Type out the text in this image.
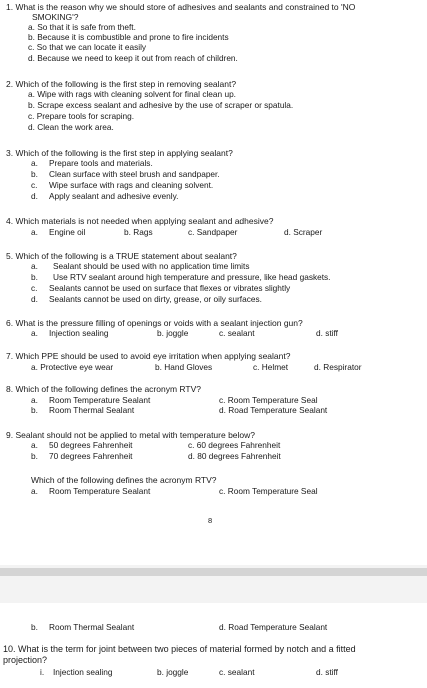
1. What is the reason why we should store of adhesives and sealants and constrained to 'NO
SMOKING'?
a. So that it is safe from theft.
b. Because it is combustible and prone to fire incidents
c. So that we can locate it easily
d. Because we need to keep it out from reach of children.
2. Which of the following is the first step in removing sealant?
a. Wipe with rags with cleaning solvent for final clean up.
b. Scrape excess sealant and adhesive by the use of scraper or spatula.
c. Prepare tools for scraping.
d. Clean the work area.
3. Which of the following is the first step in applying sealant?
a. Prepare tools and materials.
b. Clean surface with steel brush and sandpaper.
c. Wipe surface with rags and cleaning solvent.
d. Apply sealant and adhesive evenly.
4. Which materials is not needed when applying sealant and adhesive?
a. Engine oil	b. Rags	c. Sandpaper	d. Scraper
5. Which of the following is a TRUE statement about sealant?
a. Sealant should be used with no application time limits
b. Use RTV sealant around high temperature and pressure, like head gaskets.
c. Sealants cannot be used on surface that flexes or vibrates slightly
d. Sealants cannot be used on dirty, grease, or oily surfaces.
6. What is the pressure filling of openings or voids with a sealant injection gun?
a. Injection sealing	b. joggle	c. sealant	d. stiff
7. Which PPE should be used to avoid eye irritation when applying sealant?
a. Protective eye wear	b. Hand Gloves	c. Helmet	d. Respirator
8. Which of the following defines the acronym RTV?
a. Room Temperature Sealant	c. Room Temperature Seal
b. Room Thermal Sealant	d. Road Temperature Sealant
9. Sealant should not be applied to metal with temperature below?
a. 50 degrees Fahrenheit	c. 60 degrees Fahrenheit
b. 70 degrees Fahrenheit	d. 80 degrees Fahrenheit
Which of the following defines the acronym RTV?
a. Room Temperature Sealant	c. Room Temperature Seal
8
b. Room Thermal Sealant	d. Road Temperature Sealant
10. What is the term for joint between two pieces of material formed by notch and a fitted
projection?
i. Injection sealing	b. joggle	c. sealant	d. stiff
